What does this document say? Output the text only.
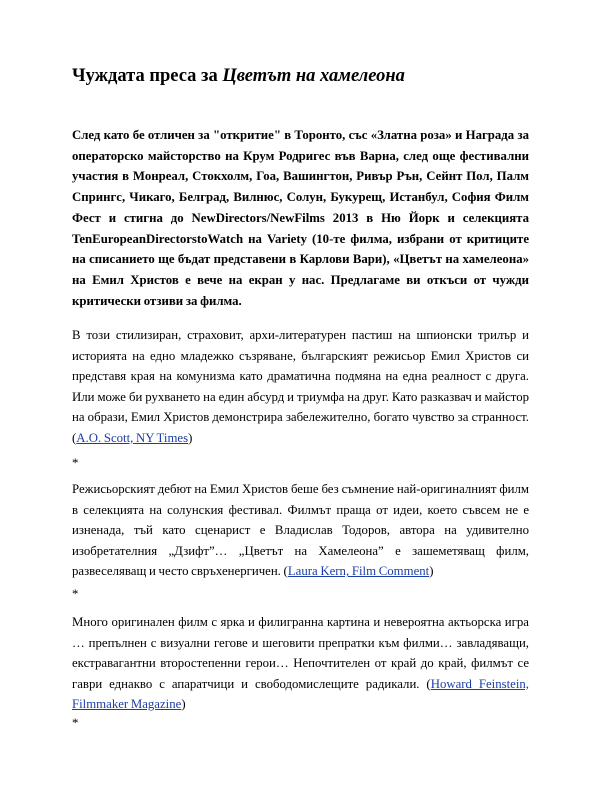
Чуждата преса за Цветът на хамелеона

След като бе отличен за "откритие" в Торонто, със «Златна роза» и Награда за операторско майсторство на Крум Родригес във Варна, след още фестивални участия в Монреал, Стокхолм, Гоа, Вашингтон, Ривър Рън, Сейнт Пол, Палм Спрингс, Чикаго, Белград, Вилнюс, Солун, Букурещ, Истанбул, София Филм Фест и стигна до NewDirectors/NewFilms 2013 в Ню Йорк и селекцията TenEuropeanDirectorstoWatch на Variety (10-те филма, избрани от критиците на списанието ще бъдат представени в Карлови Вари), «Цветът на хамелеона» на Емил Христов е вече на екран у нас. Предлагаме ви откъси от чужди критически отзиви за филма.

В този стилизиран, страховит, архи-литературен пастиш на шпионски трилър и историята на едно младежко съзряване, българският режисьор Емил Христов си представя края на комунизма като драматична подмяна на една реалност с друга. Или може би рухването на един абсурд и триумфа на друг. Като разказвач и майстор на образи, Емил Христов демонстрира забележително, богато чувство за странност. (A.O. Scott, NY Times)

*

Режисьорският дебют на Емил Христов беше без съмнение най-оригиналният филм в селекцията на солунския фестивал. Филмът праща от идеи, което съвсем не е изненада, тъй като сценарист е Владислав Тодоров, автора на удивително изобретателния „Дзифт”… „Цветът на Хамелеона” е зашеметяващ филм, развеселяващ и често свръхенергичен. (Laura Kern, Film Comment)

*

Много оригинален филм с ярка и филигранна картина и невероятна актьорска игра … препълнен с визуални гегове и шеговити препратки към филми… завладяващи, екстравагантни второстепенни герои… Непочтителен от край до край, филмът се гаври еднакво с апаратчици и свободомислещите радикали. (Howard Feinstein, Filmmaker Magazine)

*
